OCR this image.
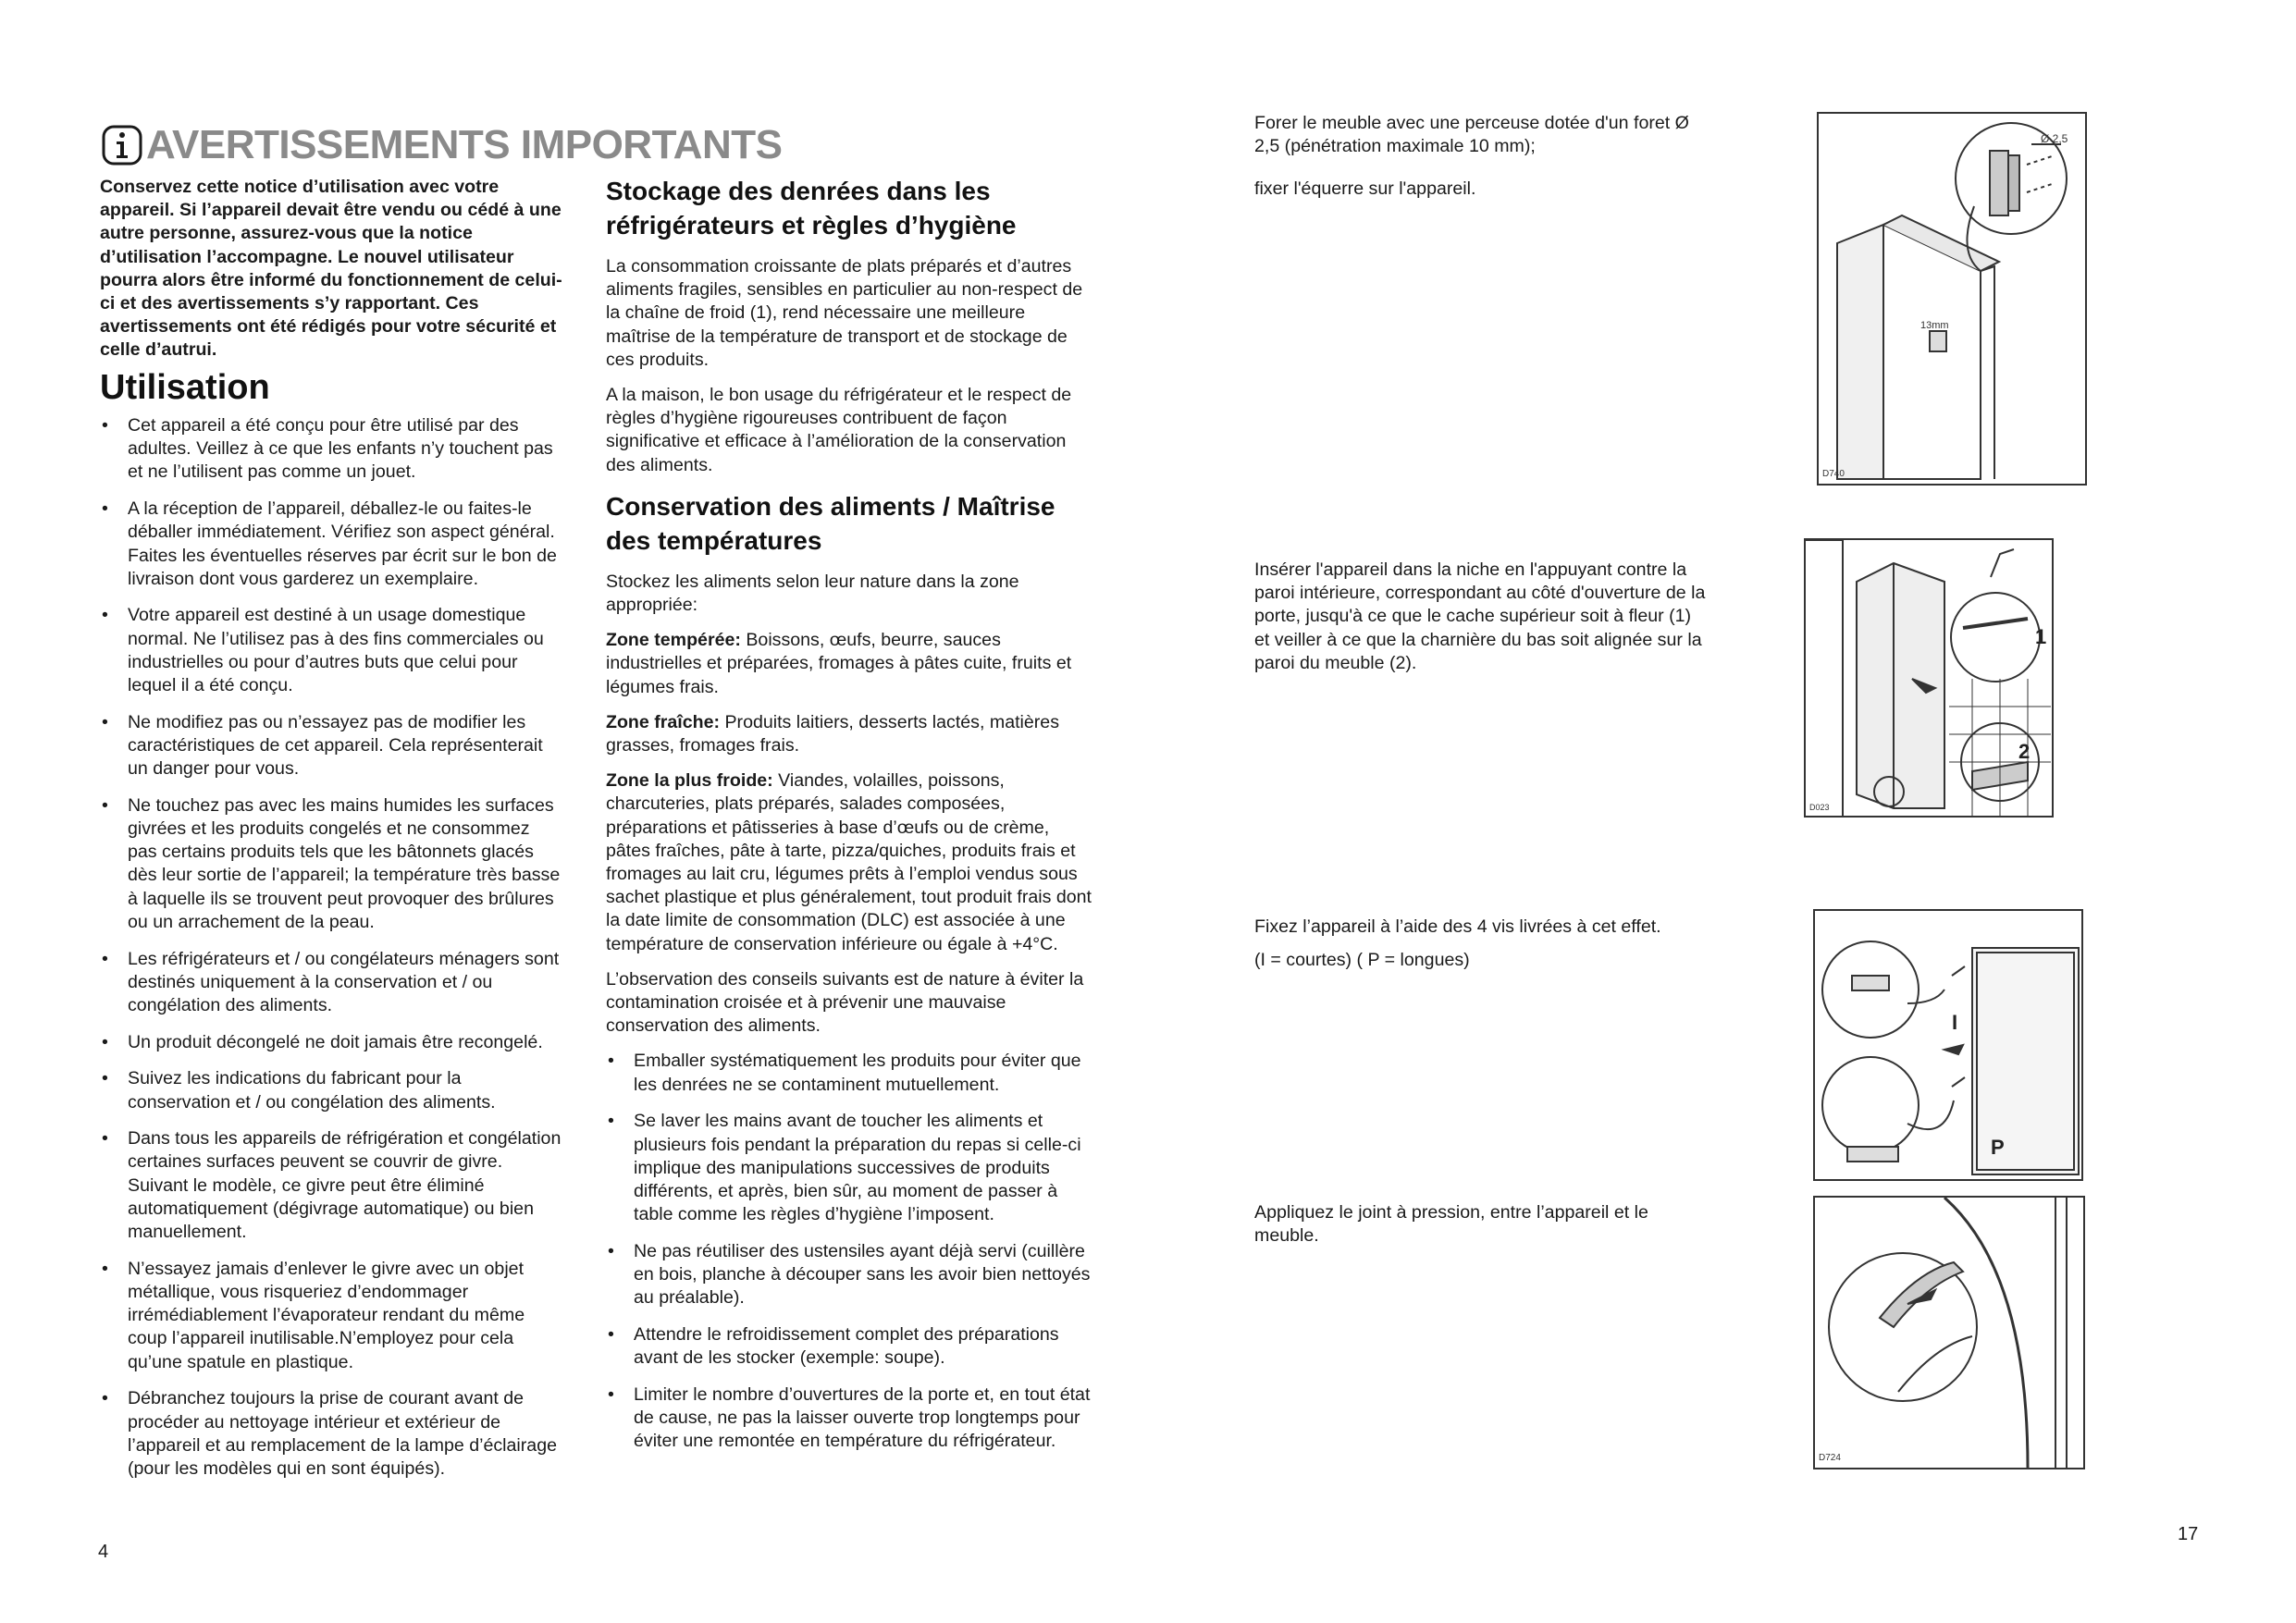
AVERTISSEMENTS IMPORTANTS

Conservez cette notice d’utilisation avec votre appareil. Si l’appareil devait être vendu ou cédé à une autre personne, assurez-vous que la notice d’utilisation l’accompagne. Le nouvel utilisateur pourra alors être informé du fonctionnement de celui-ci et des avertissements s’y rapportant. Ces avertissements ont été rédigés pour votre sécurité et celle d’autrui.

Utilisation
• Cet appareil a été conçu pour être utilisé par des adultes. Veillez à ce que les enfants n’y touchent pas et ne l’utilisent pas comme un jouet.
• A la réception de l’appareil, déballez-le ou faites-le déballer immédiatement. Vérifiez son aspect général. Faites les éventuelles réserves par écrit sur le bon de livraison dont vous garderez un exemplaire.
• Votre appareil est destiné à un usage domestique normal. Ne l’utilisez pas à des fins commerciales ou industrielles ou pour d’autres buts que celui pour lequel il a été conçu.
• Ne modifiez pas ou n’essayez pas de modifier les caractéristiques de cet appareil. Cela représenterait un danger pour vous.
• Ne touchez pas avec les mains humides les surfaces givrées et les produits congelés et ne consommez pas certains produits tels que les bâtonnets glacés dès leur sortie de l’appareil; la température très basse à laquelle ils se trouvent peut provoquer des brûlures ou un arrachement de la peau.
• Les réfrigérateurs et / ou congélateurs ménagers sont destinés uniquement à la conservation et / ou congélation des aliments.
• Un produit décongelé ne doit jamais être recongelé.
• Suivez les indications du fabricant pour la conservation et / ou congélation des aliments.
• Dans tous les appareils de réfrigération et congélation certaines surfaces peuvent se couvrir de givre. Suivant le modèle, ce givre peut être éliminé automatiquement (dégivrage automatique) ou bien manuellement.
• N’essayez jamais d’enlever le givre avec un objet métallique, vous risqueriez d’endommager irrémédiablement l’évaporateur rendant du même coup l’appareil inutilisable.N’employez pour cela qu’une spatule en plastique.
• Débranchez toujours la prise de courant avant de procéder au nettoyage intérieur et extérieur de l’appareil et au remplacement de la lampe d’éclairage (pour les modèles qui en sont équipés).
Stockage des denrées dans les réfrigérateurs et règles d’hygiène

La consommation croissante de plats préparés et d’autres aliments fragiles, sensibles en particulier au non-respect de la chaîne de froid (1), rend nécessaire une meilleure maîtrise de la température de transport et de stockage de ces produits.

A la maison, le bon usage du réfrigérateur et le respect de règles d’hygiène rigoureuses contribuent de façon significative et efficace à l’amélioration de la conservation des aliments.

Conservation des aliments / Maîtrise des températures

Stockez les aliments selon leur nature dans la zone appropriée:

Zone tempérée: Boissons, œufs, beurre, sauces industrielles et préparées, fromages à pâtes cuite, fruits et légumes frais.

Zone fraîche: Produits laitiers, desserts lactés, matières grasses, fromages frais.

Zone la plus froide: Viandes, volailles, poissons, charcuteries, plats préparés, salades composées, préparations et pâtisseries à base d’œufs ou de crème, pâtes fraîches, pâte à tarte, pizza/quiches, produits frais et fromages au lait cru, légumes prêts à l’emploi vendus sous sachet plastique et plus généralement, tout produit frais dont la date limite de consommation (DLC) est associée à une température de conservation inférieure ou égale à +4°C.

L’observation des conseils suivants est de nature à éviter la contamination croisée et à prévenir une mauvaise conservation des aliments.

• Emballer systématiquement les produits pour éviter que les denrées ne se contaminent mutuellement.
• Se laver les mains avant de toucher les aliments et plusieurs fois pendant la préparation du repas si celle-ci implique des manipulations successives de produits différents, et après, bien sûr, au moment de passer à table comme les règles d’hygiène l’imposent.
• Ne pas réutiliser des ustensiles ayant déjà servi (cuillère en bois, planche à découper sans les avoir bien nettoyés au préalable).
• Attendre le refroidissement complet des préparations avant de les stocker (exemple: soupe).
• Limiter le nombre d’ouvertures de la porte et, en tout état de cause, ne pas la laisser ouverte trop longtemps pour éviter une remontée en température du réfrigérateur.
4

Forer le meuble avec une perceuse dotée d'un foret Ø 2,5 (pénétration maximale 10 mm);

fixer l'équerre sur l'appareil.

Insérer l'appareil dans la niche en l'appuyant contre la paroi intérieure, correspondant au côté d'ouverture de la porte, jusqu'à ce que le cache supérieur soit à fleur (1) et veiller à ce que la charnière du bas soit alignée sur la paroi du meuble (2).

Fixez l’appareil à l’aide des 4 vis livrées à cet effet.

(I = courtes) ( P = longues)

Appliquez le joint à pression, entre l’appareil et le meuble.

Ø 2,5
13mm
D740
1
2
D023
I
P
D724
17
